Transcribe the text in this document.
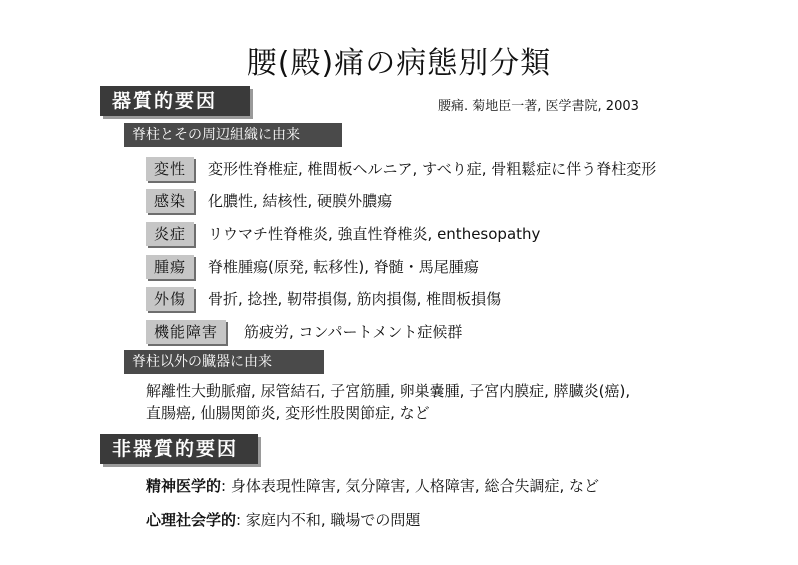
腰(殿)痛の病態別分類
器質的要因	腰痛. 菊地臣一著, 医学書院, 2003
脊柱とその周辺組織に由来
変性	変形性脊椎症, 椎間板ヘルニア, すべり症, 骨粗鬆症に伴う脊柱変形
感染	化膿性, 結核性, 硬膜外膿瘍
炎症	リウマチ性脊椎炎, 強直性脊椎炎, enthesopathy
腫瘍	脊椎腫瘍(原発, 転移性), 脊髄・馬尾腫瘍
外傷	骨折, 捻挫, 靭帯損傷, 筋肉損傷, 椎間板損傷
機能障害	筋疲労, コンパートメント症候群
脊柱以外の臓器に由来
解離性大動脈瘤, 尿管結石, 子宮筋腫, 卵巣嚢腫, 子宮内膜症, 膵臓炎(癌),
直腸癌, 仙腸関節炎, 変形性股関節症, など
非器質的要因
精神医学的: 身体表現性障害, 気分障害, 人格障害, 総合失調症, など
心理社会学的: 家庭内不和, 職場での問題
